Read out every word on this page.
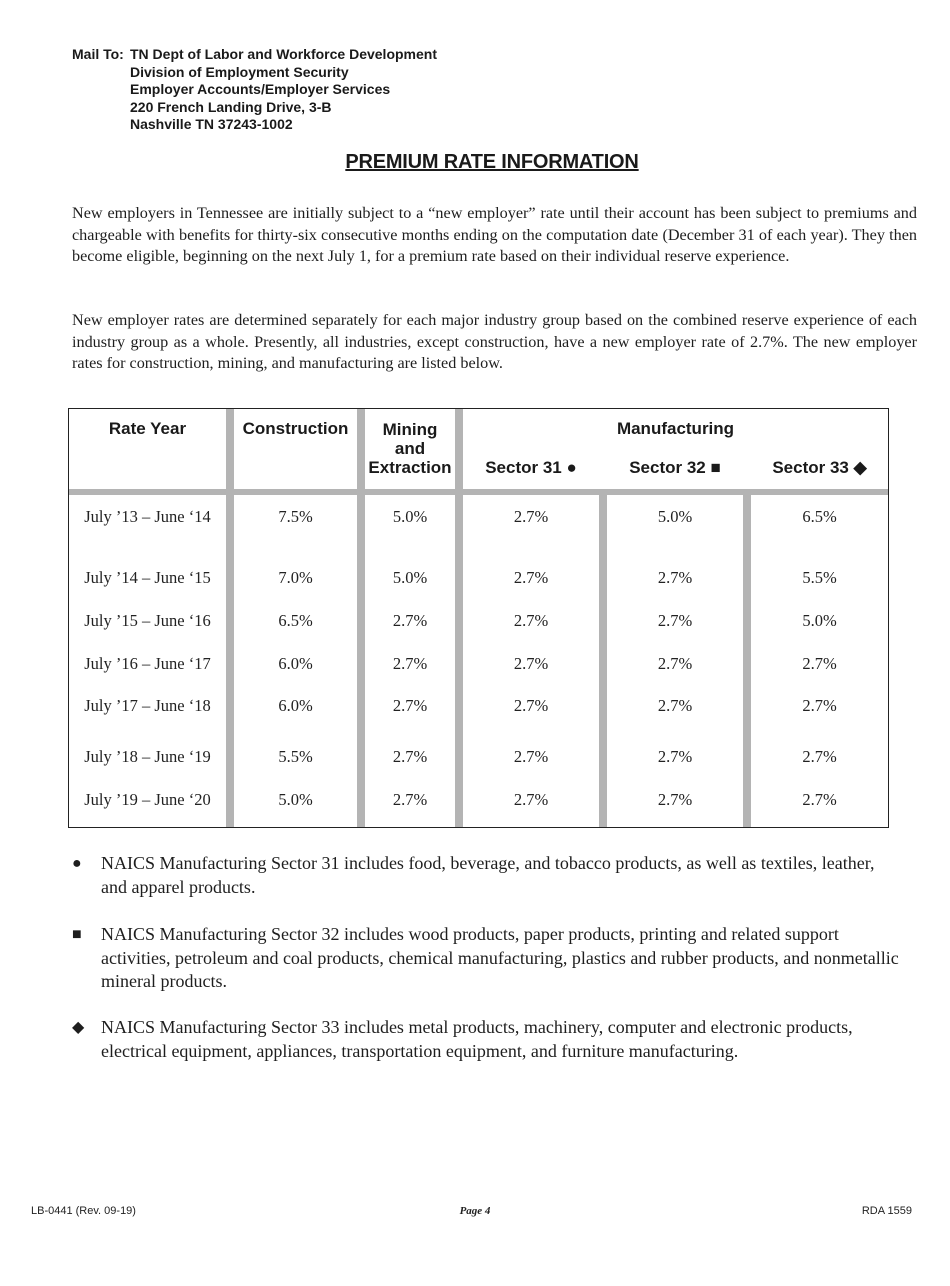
Mail To: TN Dept of Labor and Workforce Development
Division of Employment Security
Employer Accounts/Employer Services
220 French Landing Drive, 3-B
Nashville TN 37243-1002
PREMIUM RATE INFORMATION

New employers in Tennessee are initially subject to a “new employer” rate until their account has been subject to premiums and chargeable with benefits for thirty-six consecutive months ending on the computation date (December 31 of each year). They then become eligible, beginning on the next July 1, for a premium rate based on their individual reserve experience.

New employer rates are determined separately for each major industry group based on the combined reserve experience of each industry group as a whole. Presently, all industries, except construction, have a new employer rate of 2.7%. The new employer rates for construction, mining, and manufacturing are listed below.

Rate Year	Construction	Mining
and
Extraction
Manufacturing
Sector 31 ●	Sector 32 ■	Sector 33 ◆
July ’13 – June ‘14	7.5%	5.0%	2.7%	5.0%	6.5%
July ’14 – June ‘15	7.0%	5.0%	2.7%	2.7%	5.5%
July ’15 – June ‘16	6.5%	2.7%	2.7%	2.7%	5.0%
July ’16 – June ‘17	6.0%	2.7%	2.7%	2.7%	2.7%
July ’17 – June ‘18	6.0%	2.7%	2.7%	2.7%	2.7%
July ’18 – June ‘19	5.5%	2.7%	2.7%	2.7%	2.7%
July ’19 – June ‘20	5.0%	2.7%	2.7%	2.7%	2.7%
●	NAICS Manufacturing Sector 31 includes food, beverage, and tobacco products, as well as textiles, leather, and apparel products.
■	NAICS Manufacturing Sector 32 includes wood products, paper products, printing and related support activities, petroleum and coal products, chemical manufacturing, plastics and rubber products, and nonmetallic mineral products.
◆ NAICS Manufacturing Sector 33 includes metal products, machinery, computer and electronic products, electrical equipment, appliances, transportation equipment, and furniture manufacturing.
LB-0441 (Rev. 09-19)	Page 4	RDA 1559
